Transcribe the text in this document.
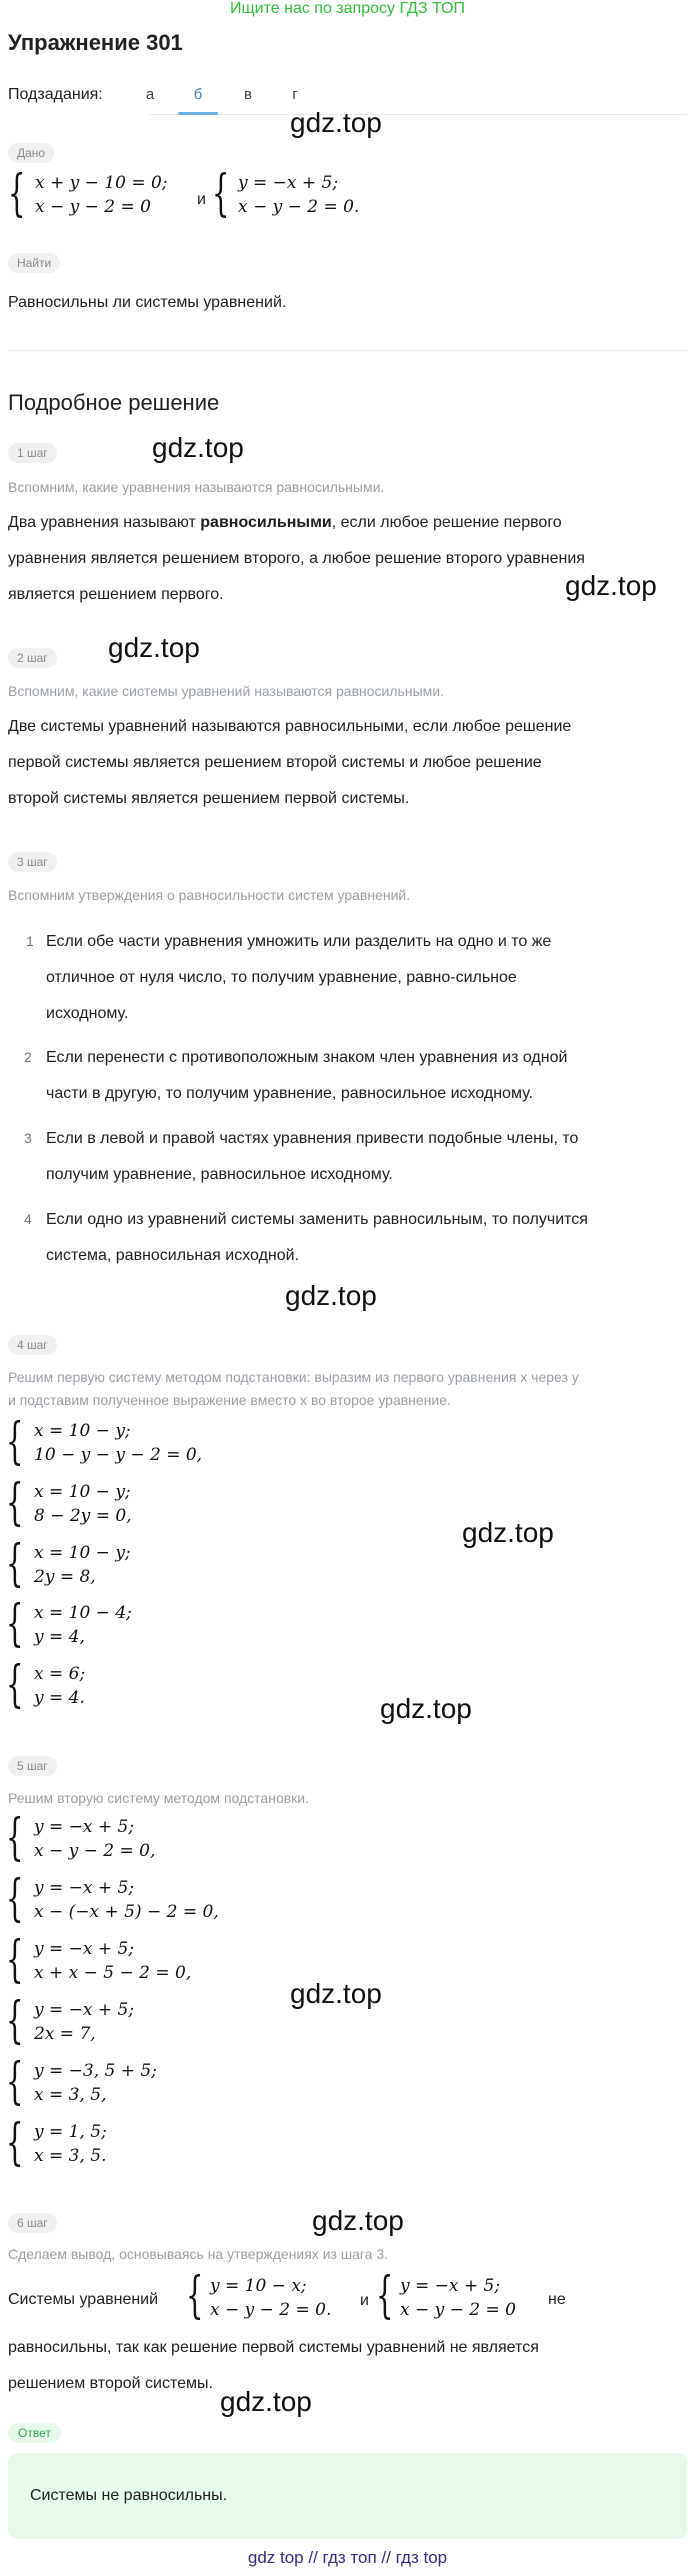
Ищите нас по запросу ГДЗ ТОП
Упражнение 301
Подзадания:	а	б	в	г
gdz.top
Дано
{ x + y − 10 = 0;
x − y − 2 = 0	и { y = −x + 5;
x − y − 2 = 0.
Найти
Равносильны ли системы уравнений.
Подробное решение
1 шаг	gdz.top
Вспомним, какие уравнения называются равносильными.
Два уравнения называют равносильными, если любое решение первого
уравнения является решением второго, а любое решение второго уравнения
является решением первого.	gdz.top
2 шаг	gdz.top
Вспомним, какие системы уравнений называются равносильными.
Две системы уравнений называются равносильными, если любое решение
первой системы является решением второй системы и любое решение
второй системы является решением первой системы.
3 шаг
Вспомним утверждения о равносильности систем уравнений.
1 Если обе части уравнения умножить или разделить на одно и то же
отличное от нуля число, то получим уравнение, равно-сильное
исходному.
2 Если перенести с противоположным знаком член уравнения из одной
части в другую, то получим уравнение, равносильное исходному.
3 Если в левой и правой частях уравнения привести подобные члены, то
получим уравнение, равносильное исходному.
4 Если одно из уравнений системы заменить равносильным, то получится
система, равносильная исходной.
gdz.top
4 шаг
Решим первую систему методом подстановки: выразим из первого уравнения x через y
и подставим полученное выражение вместо x во второе уравнение.
{ x = 10 − y;
10 − y − y − 2 = 0,
{ x = 10 − y;
8 − 2y = 0,
{ x = 10 − y;
2y = 8,
{ x = 10 − 4;
y = 4,
{ x = 6;
y = 4.
gdz.top
gdz.top
5 шаг
Решим вторую систему методом подстановки.
{ y = −x + 5;
x − y − 2 = 0,
{ y = −x + 5;
x − (−x + 5) − 2 = 0,
{ y = −x + 5;
x + x − 5 − 2 = 0,
{ y = −x + 5;
2x = 7,
{ y = −3, 5 + 5;
x = 3, 5,
{ y = 1, 5;
x = 3, 5.
gdz.top
6 шаг	gdz.top
Сделаем вывод, основываясь на утверждениях из шага 3.
Системы уравнений { y = 10 − x;
x − y − 2 = 0. и { y = −x + 5;
x − y − 2 = 0
не
равносильны, так как решение первой системы уравнений не является
решением второй системы.
gdz.top
Ответ
Системы не равносильны.
gdz top // гдз топ // гдз top
